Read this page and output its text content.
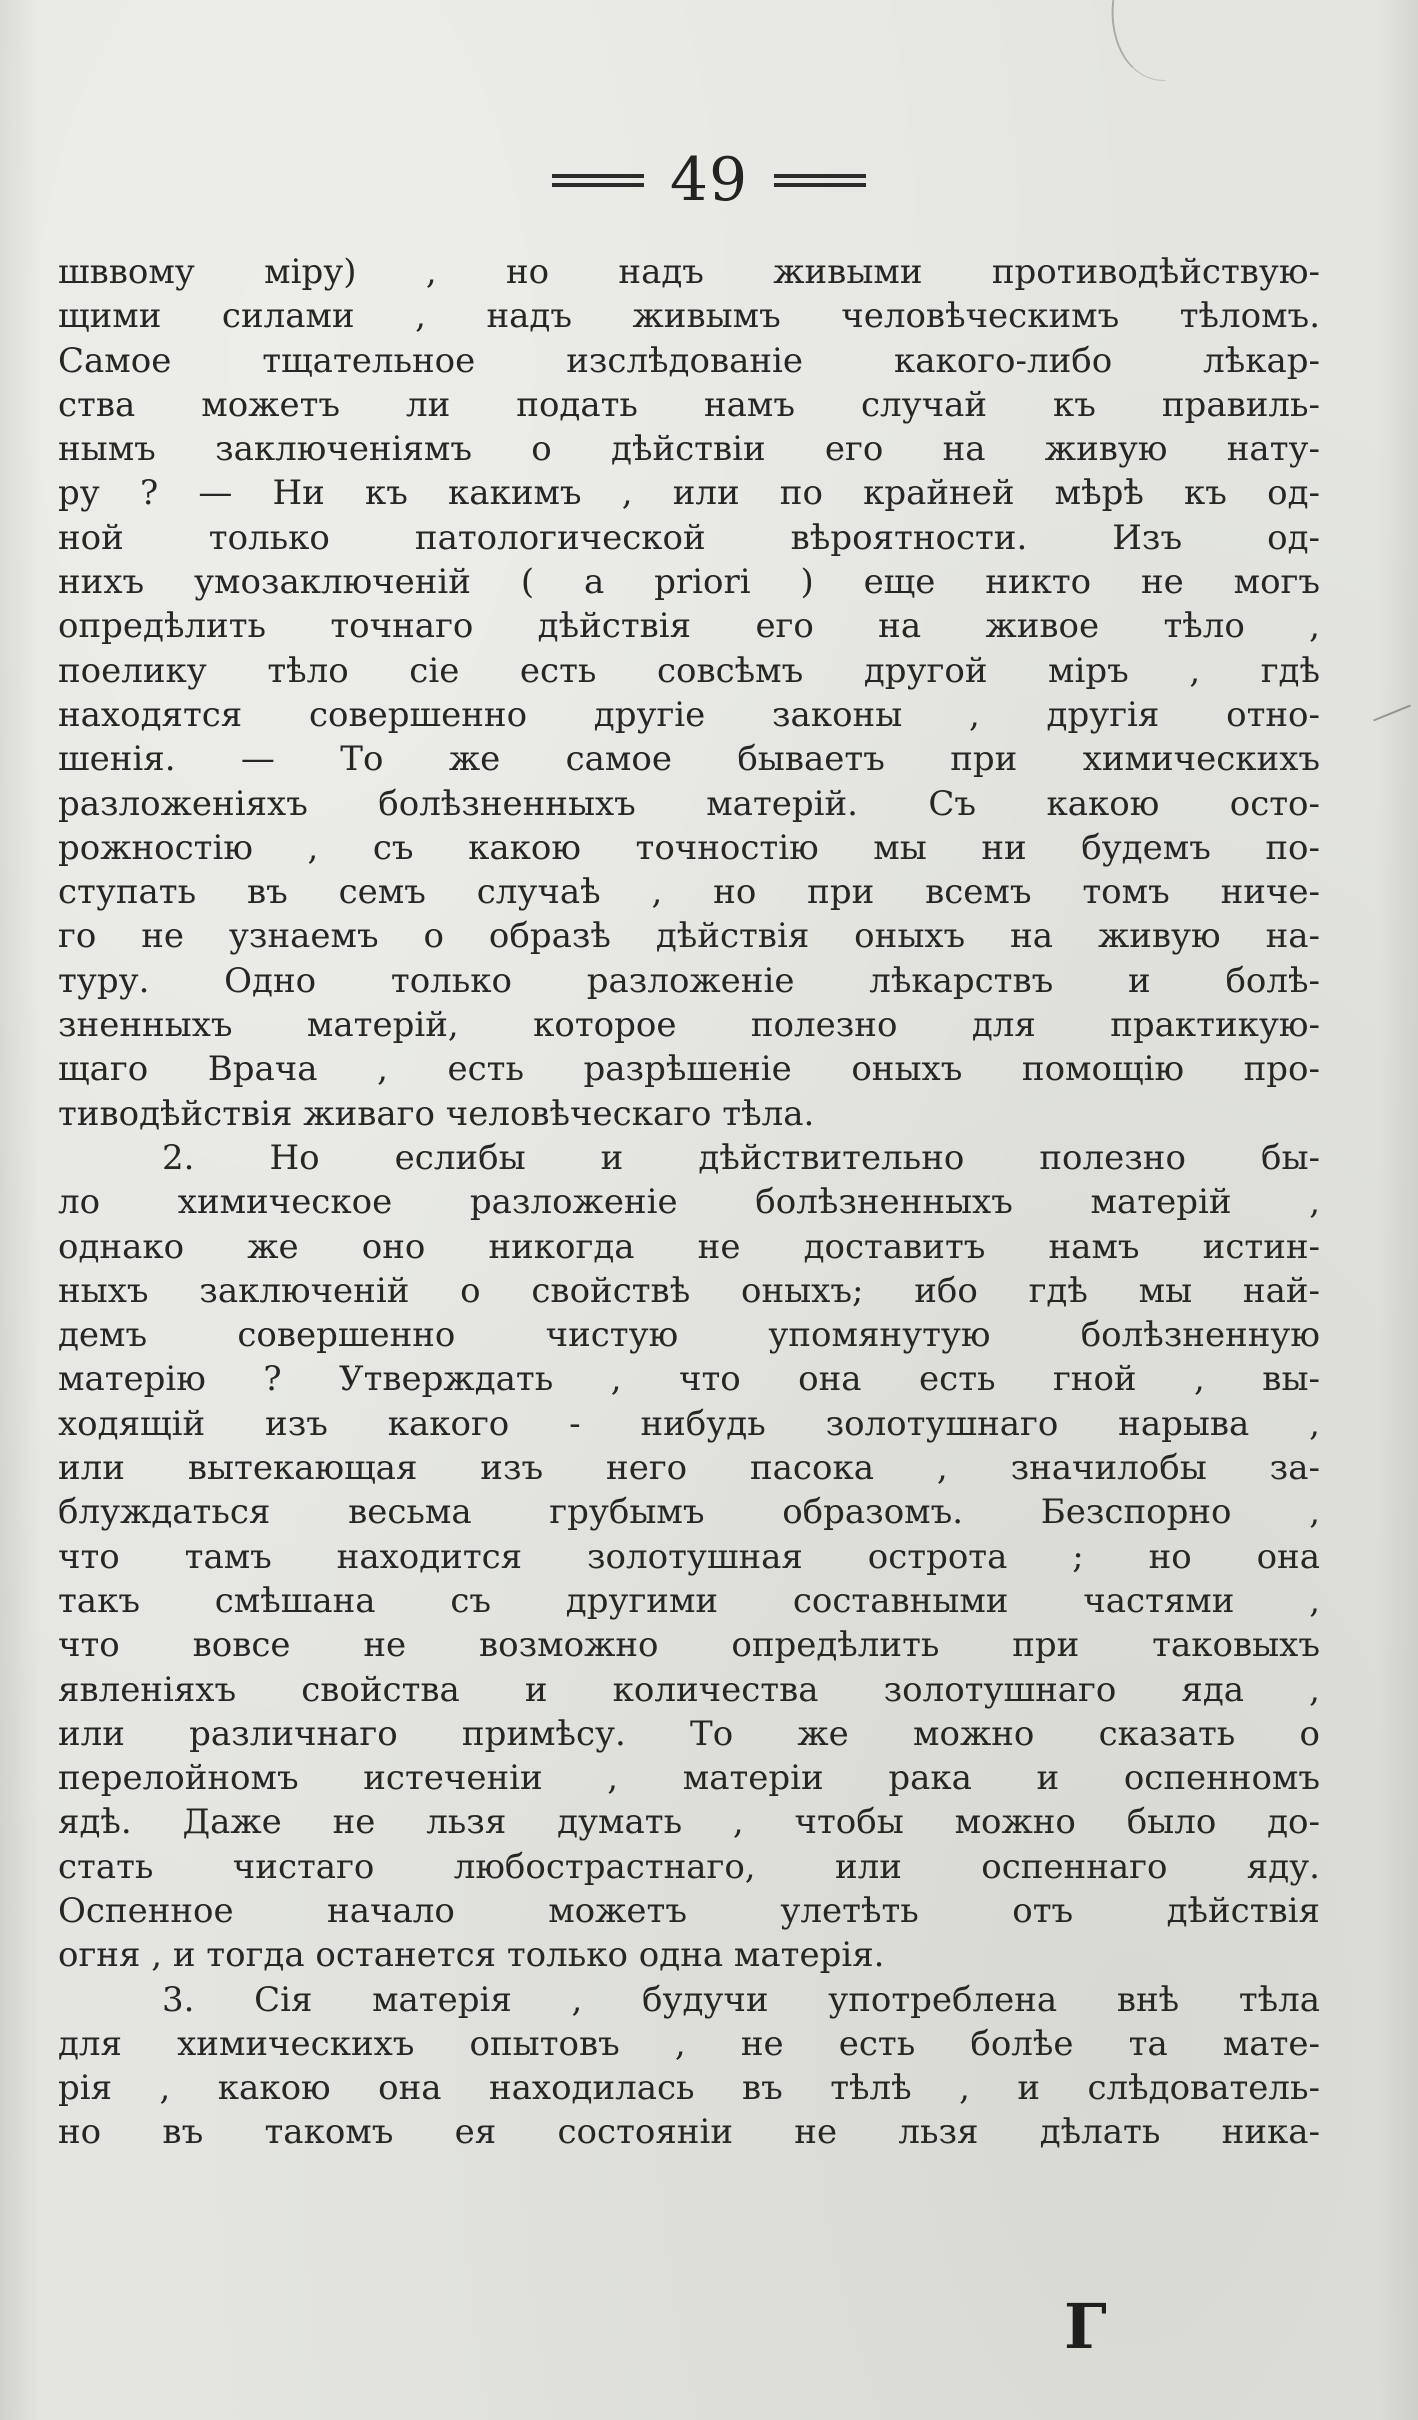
49
шввому міру) , но надъ живыми противодѣйствую-
щими силами , надъ живымъ человѣческимъ тѣломъ.
Самое тщательное изслѣдованіе какого-либо лѣкар-
ства можетъ ли подать намъ случай къ правиль-
нымъ заключеніямъ о дѣйствіи его на живую нату-
ру ? — Ни къ какимъ , или по крайней мѣрѣ къ од-
ной только патологической вѣроятности. Изъ од-
нихъ умозаключеній ( a priori ) еще никто не могъ
опредѣлить точнаго дѣйствія его на живое тѣло ,
поелику тѣло сіе есть совсѣмъ другой міръ , гдѣ
находятся совершенно другіе законы , другія отно-
шенія. — То же самое бываетъ при химическихъ
разложеніяхъ болѣзненныхъ матерій. Съ какою осто-
рожностію , съ какою точностію мы ни будемъ по-
ступать въ семъ случаѣ , но при всемъ томъ ниче-
го не узнаемъ о образѣ дѣйствія оныхъ на живую на-
туру. Одно только разложеніе лѣкарствъ и болѣ-
зненныхъ матерій, которое полезно для практикую-
щаго Врача , есть разрѣшеніе оныхъ помощію про-
тиводѣйствія живаго человѣческаго тѣла.
2. Но еслибы и дѣйствительно полезно бы-
ло химическое разложеніе болѣзненныхъ матерій ,
однако же оно никогда не доставитъ намъ истин-
ныхъ заключеній о свойствѣ оныхъ; ибо гдѣ мы най-
демъ совершенно чистую упомянутую болѣзненную
матерію ? Утверждать , что она есть гной , вы-
ходящій изъ какого - нибудь золотушнаго нарыва ,
или вытекающая изъ него пасока , значилобы за-
блуждаться весьма грубымъ образомъ. Безспорно ,
что тамъ находится золотушная острота ; но она
такъ смѣшана съ другими составными частями ,
что вовсе не возможно опредѣлить при таковыхъ
явленіяхъ свойства и количества золотушнаго яда ,
или различнаго примѣсу. То же можно сказать о
перелойномъ истеченіи , матеріи рака и оспенномъ
ядѣ. Даже не льзя думать , чтобы можно было до-
стать чистаго любострастнаго, или оспеннаго яду.
Оспенное начало можетъ улетѣть отъ дѣйствія
огня , и тогда останется только одна матерія.
3. Сія матерія , будучи употреблена внѣ тѣла
для химическихъ опытовъ , не есть болѣе та мате-
рія , какою она находилась въ тѣлѣ , и слѣдователь-
но въ такомъ ея состояніи не льзя дѣлать ника-
Г
